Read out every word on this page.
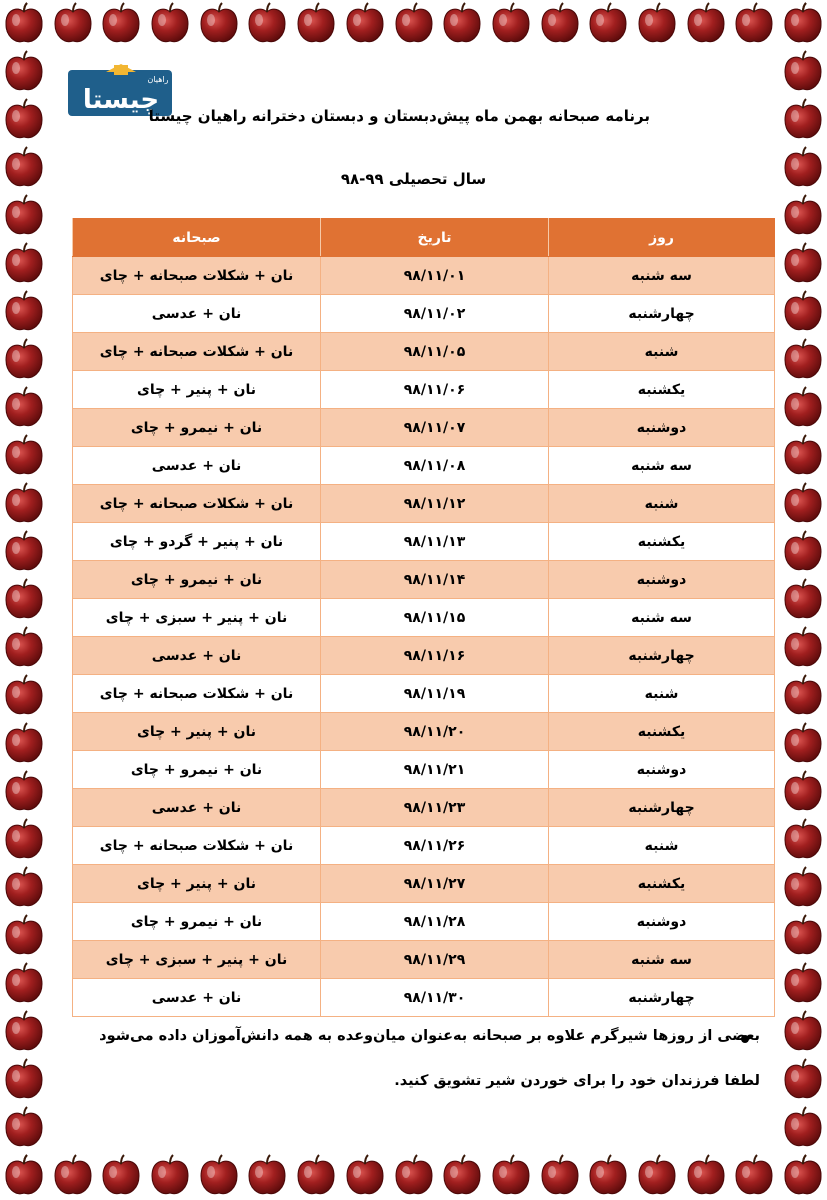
چیستا
راهیان
برنامه صبحانه بهمن ماه پیش‌دبستان و دبستان دخترانه راهیان چیستا
سال تحصیلی ۹۹-۹۸
روز	تاریخ	صبحانه
سه شنبه	۹۸/۱۱/۰۱	نان + شکلات صبحانه + چای
چهارشنبه	۹۸/۱۱/۰۲	نان + عدسی
شنبه	۹۸/۱۱/۰۵	نان + شکلات صبحانه + چای
یکشنبه	۹۸/۱۱/۰۶	نان + پنیر + چای
دوشنبه	۹۸/۱۱/۰۷	نان + نیمرو + چای
سه شنبه	۹۸/۱۱/۰۸	نان + عدسی
شنبه	۹۸/۱۱/۱۲	نان + شکلات صبحانه + چای
یکشنبه	۹۸/۱۱/۱۳	نان + پنیر + گردو + چای
دوشنبه	۹۸/۱۱/۱۴	نان + نیمرو + چای
سه شنبه	۹۸/۱۱/۱۵	نان + پنیر + سبزی + چای
چهارشنبه	۹۸/۱۱/۱۶	نان + عدسی
شنبه	۹۸/۱۱/۱۹	نان + شکلات صبحانه + چای
یکشنبه	۹۸/۱۱/۲۰	نان + پنیر + چای
دوشنبه	۹۸/۱۱/۲۱	نان + نیمرو + چای
چهارشنبه	۹۸/۱۱/۲۳	نان + عدسی
شنبه	۹۸/۱۱/۲۶	نان + شکلات صبحانه + چای
یکشنبه	۹۸/۱۱/۲۷	نان + پنیر + چای
دوشنبه	۹۸/۱۱/۲۸	نان + نیمرو + چای
سه شنبه	۹۸/۱۱/۲۹	نان + پنیر + سبزی + چای
چهارشنبه	۹۸/۱۱/۳۰	نان + عدسی
بعضی از روزها شیرگرم علاوه بر صبحانه به‌عنوان میان‌وعده به همه دانش‌آموزان داده می‌شود
لطفا فرزندان خود را برای خوردن شیر تشویق کنید.
